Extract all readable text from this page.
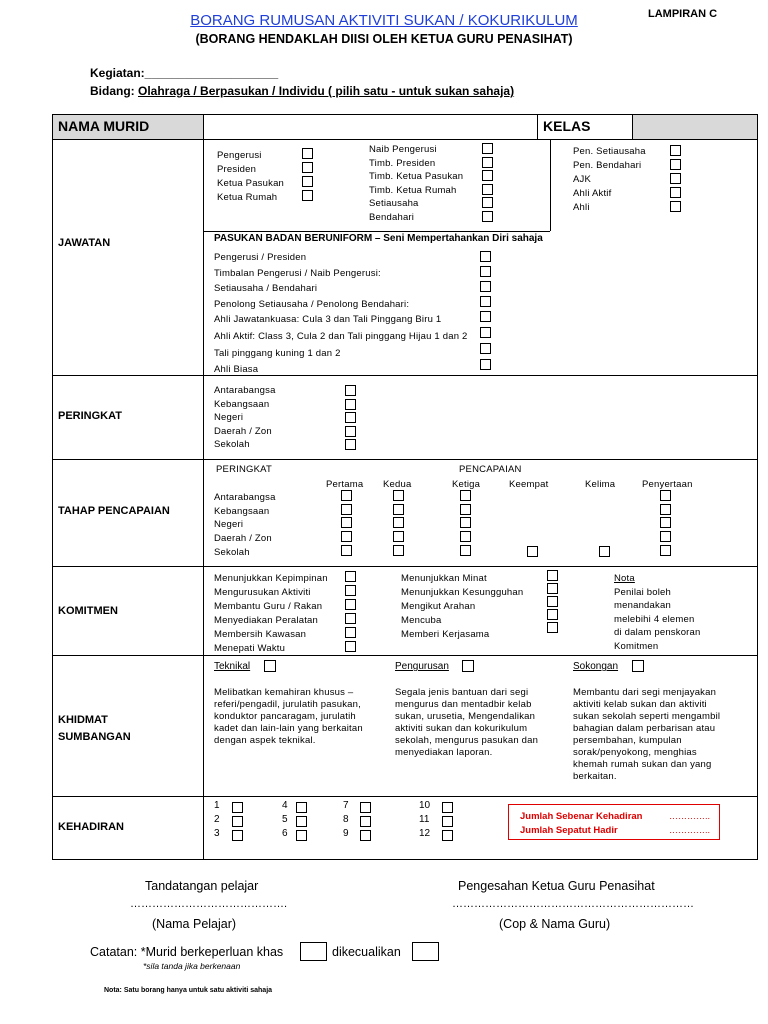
BORANG RUMUSAN AKTIVITI SUKAN / KOKURIKULUM	LAMPIRAN C
(BORANG HENDAKLAH DIISI OLEH KETUA GURU PENASIHAT)
Kegiatan:____________________
Bidang: Olahraga / Berpasukan / Individu ( pilih satu - untuk sukan sahaja)
NAMA MURID	KELAS
JAWATAN
Pengerusi
Presiden
Ketua Pasukan
Ketua Rumah
Naib Pengerusi
Timb. Presiden
Timb. Ketua Pasukan
Timb. Ketua Rumah
Setiausaha
Bendahari
Pen. Setiausaha
Pen. Bendahari
AJK
Ahli Aktif
Ahli
PASUKAN BADAN BERUNIFORM – Seni Mempertahankan Diri sahaja
Pengerusi / Presiden
Timbalan Pengerusi / Naib Pengerusi:
Setiausaha / Bendahari
Penolong Setiausaha / Penolong Bendahari:
Ahli Jawatankuasa: Cula 3 dan Tali Pinggang Biru 1
Ahli Aktif: Class 3, Cula 2 dan Tali pinggang Hijau 1 dan 2
Tali pinggang kuning 1 dan 2
Ahli Biasa
PERINGKAT
Antarabangsa
Kebangsaan
Negeri
Daerah / Zon
Sekolah
TAHAP PENCAPAIAN
PERINGKAT	PENCAPAIAN
Pertama Kedua	Ketiga	Keempat	Kelima	Penyertaan
Antarabangsa
Kebangsaan
Negeri
Daerah / Zon
Sekolah
KOMITMEN
Menunjukkan Kepimpinan
Mengurusukan Aktiviti
Membantu Guru / Rakan
Menyediakan Peralatan
Membersih Kawasan
Menepati Waktu
Menunjukkan Minat
Menunjukkan Kesungguhan
Mengikut Arahan
Mencuba
Memberi Kerjasama
Nota
Penilai boleh
menandakan
melebihi 4 elemen
di dalam penskoran
Komitmen
KHIDMAT
SUMBANGAN
Teknikal
Melibatkan kemahiran khusus –
referi/pengadil, jurulatih pasukan,
konduktor pancaragam, jurulatih
kadet dan lain-lain yang berkaitan
dengan aspek teknikal.
Pengurusan
Segala jenis bantuan dari segi
mengurus dan mentadbir kelab
sukan, urusetia, Mengendalikan
aktiviti sukan dan kokurikulum
sekolah, mengurus pasukan dan
menyediakan laporan.
Sokongan
Membantu dari segi menjayakan
aktiviti kelab sukan dan aktiviti
sukan sekolah seperti mengambil
bahagian dalam perbarisan atau
persembahan, kumpulan
sorak/penyokong, menghias
khemah rumah sukan dan yang
berkaitan.
KEHADIRAN
1
2
3
4
5
6
7
8
9
10
11
12
Jumlah Sebenar Kehadiran	…………..
Jumlah Sepatut Hadir	…………..
Tandatangan pelajar	Pengesahan Ketua Guru Penasihat
…………………………………….	…………………………………………………………
(Nama Pelajar)	(Cop & Nama Guru)
Catatan: *Murid berkeperluan khas	dikecualikan
*sila tanda jika berkenaan
Nota: Satu borang hanya untuk satu aktiviti sahaja
